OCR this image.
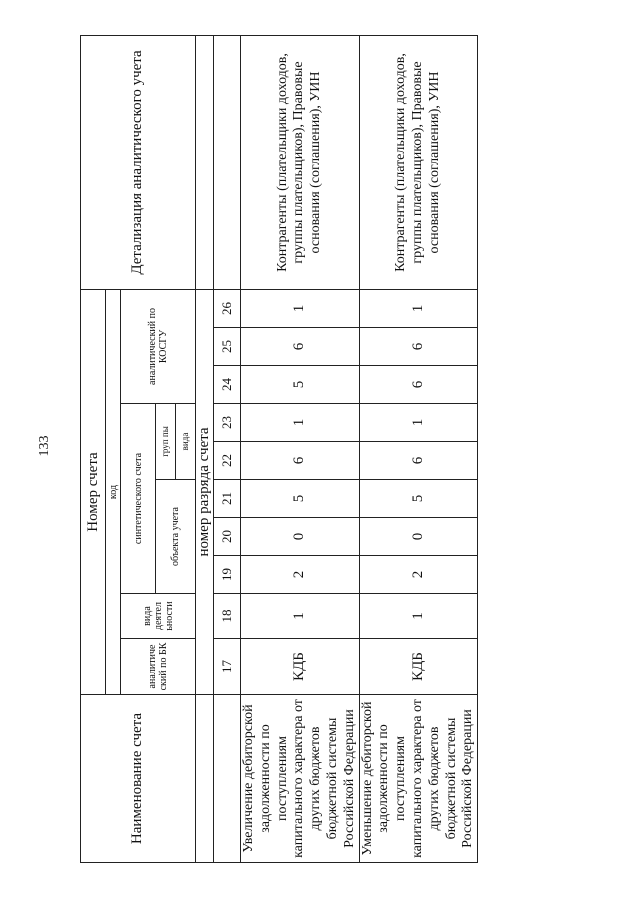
133
Наименование счета	Номер счета										Детализация аналитического учета
	код										
	аналитиче ский по БК	вида деятел ьности	синтетического счета					аналитический по КОСГУ			
			объекта учета			груп пы					
						вида					
	номер разряда счета										
	17	18	19	20	21	22	23	24	25	26	
Увеличение дебиторской задолженности по поступлениям капитального характера от других бюджетов бюджетной системы Российской Федерации	КДБ	1	2	0	5	6	1	5	6	1	Контрагенты (плательщики доходов, группы плательщиков), Правовые основания (соглашения), УИН
Уменьшение дебиторской задолженности по поступлениям капитального характера от других бюджетов бюджетной системы Российской Федерации	КДБ	1	2	0	5	6	1	6	6	1	Контрагенты (плательщики доходов, группы плательщиков), Правовые основания (соглашения), УИН
